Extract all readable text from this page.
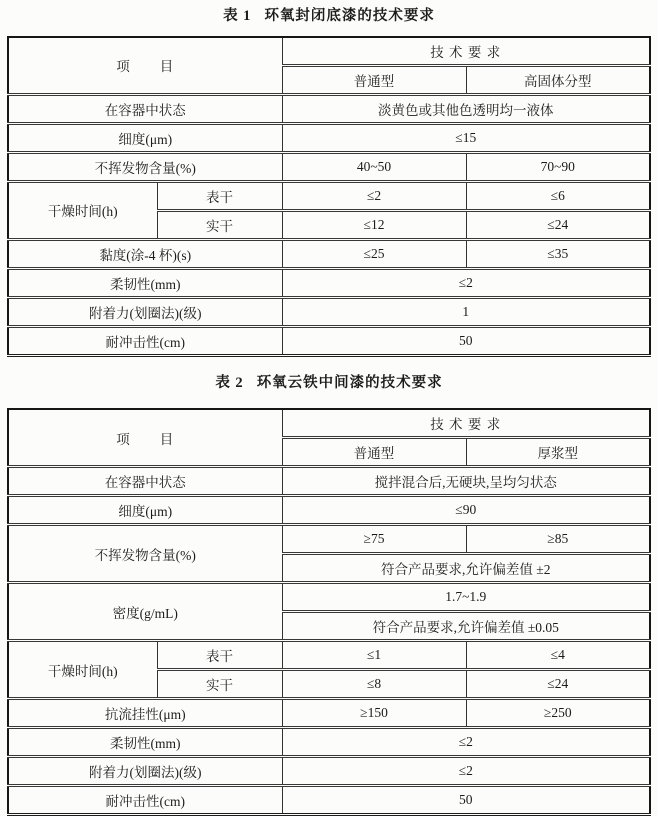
表 1 环氧封闭底漆的技术要求
项　　目		技 术 要 求	
		普通型	高固体分型
在容器中状态		淡黄色或其他色透明均一液体	
细度(μm)		≤15	
不挥发物含量(%)		40~50	70~90
干燥时间(h)	表干	≤2	≤6
	实干	≤12	≤24
黏度(涂-4 杯)(s)		≤25	≤35
柔韧性(mm)		≤2	
附着力(划圈法)(级)		1	
耐冲击性(cm)		50	
表 2 环氧云铁中间漆的技术要求
项　　目		技 术 要 求	
		普通型	厚浆型
在容器中状态		搅拌混合后,无硬块,呈均匀状态	
细度(μm)		≤90	
不挥发物含量(%)		≥75	≥85
		符合产品要求,允许偏差值 ±2	
密度(g/mL)		1.7~1.9	
		符合产品要求,允许偏差值 ±0.05	
干燥时间(h)	表干	≤1	≤4
	实干	≤8	≤24
抗流挂性(μm)		≥150	≥250
柔韧性(mm)		≤2	
附着力(划圈法)(级)		≤2	
耐冲击性(cm)		50	
